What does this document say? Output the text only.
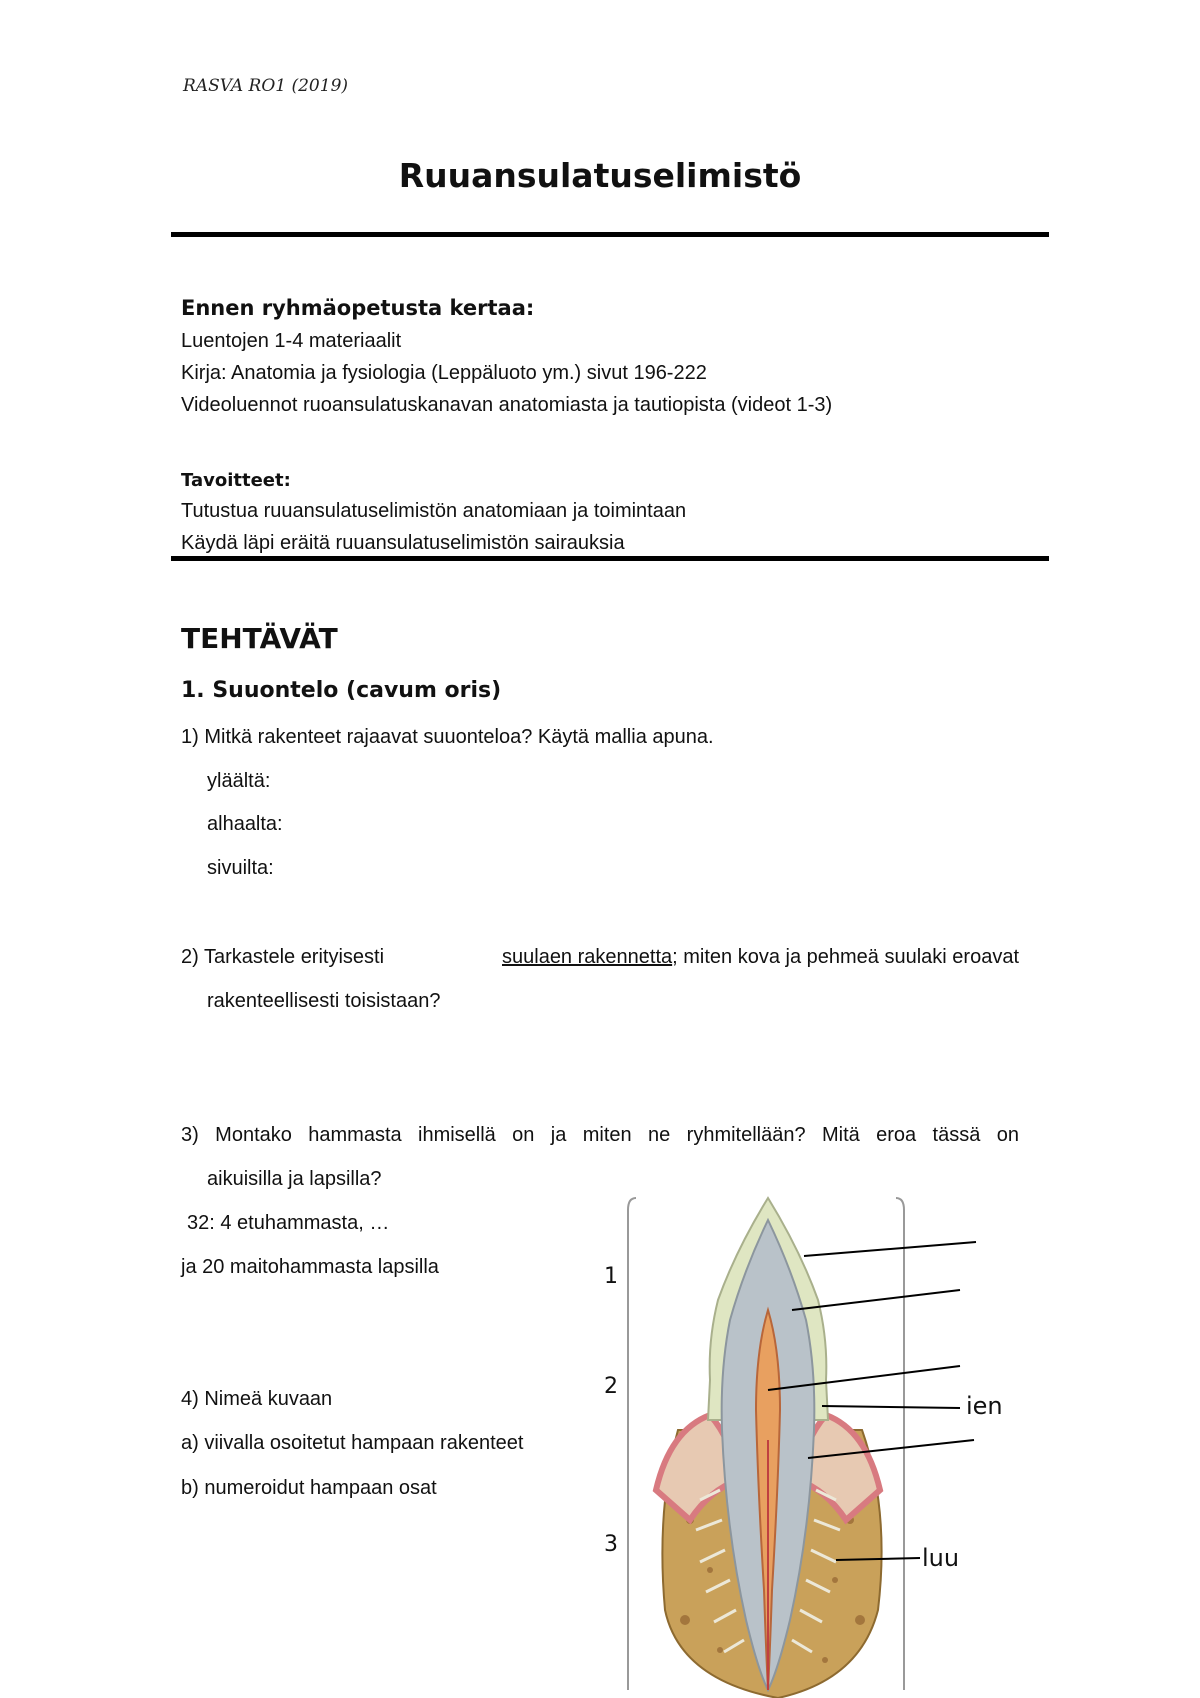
RASVA RO1 (2019)
Ruuansulatuselimistö
Ennen ryhmäopetusta kertaa:
Luentojen 1-4 materiaalit
Kirja: Anatomia ja fysiologia (Leppäluoto ym.) sivut 196-222
Videoluennot ruoansulatuskanavan anatomiasta ja tautiopista (videot 1-3)
Tavoitteet:
Tutustua ruuansulatuselimistön anatomiaan ja toimintaan
Käydä läpi eräitä ruuansulatuselimistön sairauksia
TEHTÄVÄT
1. Suuontelo (cavum oris)
1) Mitkä rakenteet rajaavat suuonteloa? Käytä mallia apuna.
yläältä:
alhaalta:
sivuilta:
2) Tarkastele erityisesti	suulaen rakennetta; miten kova ja pehmeä suulaki eroavat
rakenteellisesti toisistaan?
3) Montako hammasta ihmisellä on ja miten ne ryhmitellään? Mitä eroa tässä on
aikuisilla ja lapsilla?
32: 4 etuhammasta, …
ja 20 maitohammasta lapsilla
4) Nimeä kuvaan
a) viivalla osoitetut hampaan rakenteet
b) numeroidut hampaan osat
1
2
3
ien
luu
